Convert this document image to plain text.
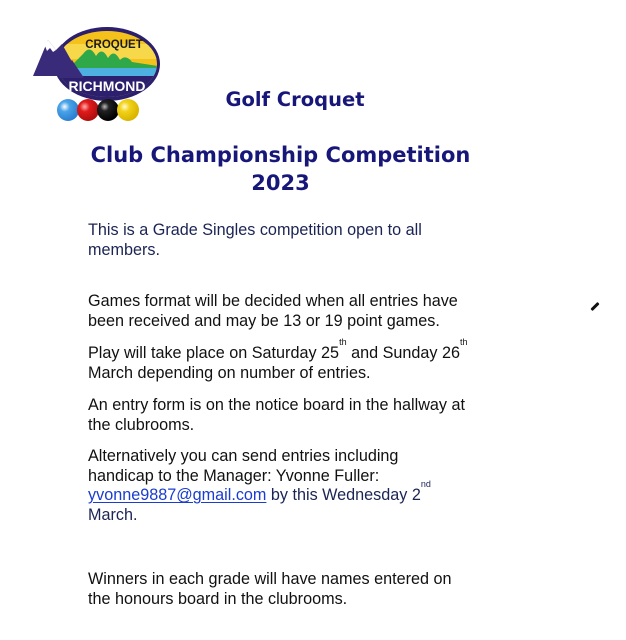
CROQUET
RICHMOND
Golf Croquet
Club Championship Competition
2023
This is a Grade Singles competition open to all members.
Games format will be decided when all entries have been received and may be 13 or 19 point games.
Play will take place on Saturday 25th and Sunday 26th March depending on number of entries.
An entry form is on the notice board in the hallway at the clubrooms.
Alternatively you can send entries including handicap to the Manager: Yvonne Fuller: yvonne9887@gmail.com by this Wednesday 2nd March.
Winners in each grade will have names entered on the honours board in the clubrooms.
